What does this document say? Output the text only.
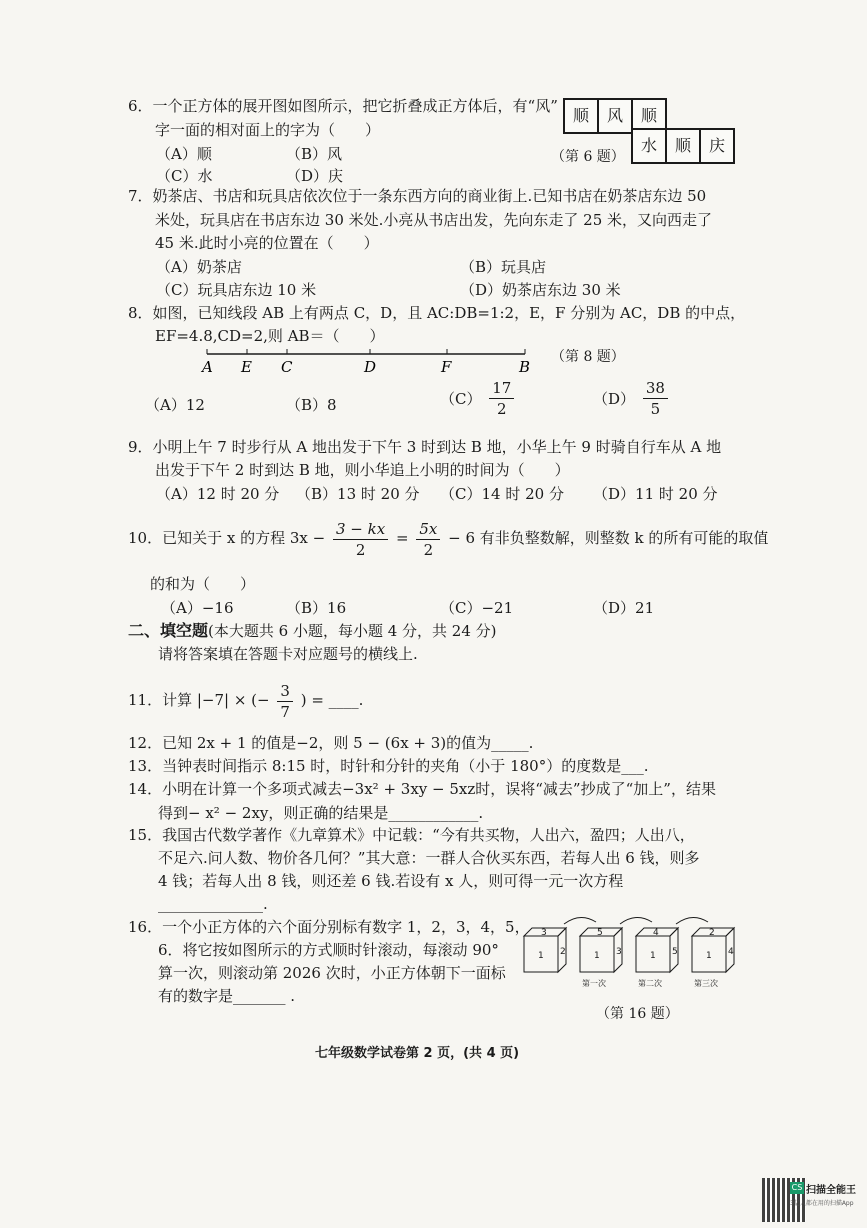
6．一个正方体的展开图如图所示，把它折叠成正方体后，有“风”
字一面的相对面上的字为（　　）
（A）顺	（B）风
（C）水	（D）庆
顺	风	顺
水	顺	庆
（第 6 题）
7．奶茶店、书店和玩具店依次位于一条东西方向的商业街上.已知书店在奶茶店东边 50
米处，玩具店在书店东边 30 米处.小亮从书店出发，先向东走了 25 米，又向西走了
45 米.此时小亮的位置在（　　）
（A）奶茶店	（B）玩具店
（C）玩具店东边 10 米	（D）奶茶店东边 30 米
8．如图，已知线段 AB 上有两点 C，D，且 AC:DB=1:2，E，F 分别为 AC，DB 的中点，
EF=4.8,CD=2,则 AB＝（　　）
A E C	D	F	B
（第 8 题）
（A）12	（B）8	$(C) \frac{17}{2}$	$(D) \frac{38}{5}$
9．小明上午 7 时步行从 A 地出发于下午 3 时到达 B 地，小华上午 9 时骑自行车从 A 地
出发于下午 2 时到达 B 地，则小华追上小明的时间为（　　）
（A）12 时 20 分 （B）13 时 20 分 （C）14 时 20 分 （D）11 时 20 分
10．已知关于 x 的方程 $3x - \frac{3 - kx}{2} = \frac{5x}{2} - 6$ 有非负整数解，则整数 k 的所有可能的取值
的和为（　　）
（A）−16	（B）16	（C）−21	（D）21
二、填空题(本大题共 6 小题，每小题 4 分，共 24 分)
请将答案填在答题卡对应题号的横线上.
11．计算 |−7| × (− $\frac{3}{7}$ ) = ____.
12．已知 2x + 1 的值是−2，则 5 − (6x + 3)的值为_____.
13．当钟表时间指示 8:15 时，时针和分针的夹角（小于 180°）的度数是___.
14．小明在计算一个多项式减去−3x² + 3xy − 5xz时，误将“减去”抄成了“加上”，结果
得到− x² − 2xy，则正确的结果是____________.
15．我国古代数学著作《九章算术》中记载：“今有共买物，人出六，盈四；人出八，
不足六.问人数、物价各几何？”其大意：一群人合伙买东西，若每人出 6 钱，则多
4 钱；若每人出 8 钱，则还差 6 钱.若设有 x 人，则可得一元一次方程
______________.
16．一个小正方体的六个面分别标有数字 1，2，3，4，5，
6．将它按如图所示的方式顺时针滚动，每滚动 90°
算一次，则滚动第 2026 次时，小正方体朝下一面标
有的数字是_______ .
3
1 2
5
1 3
第一次
4
1 5
第二次
2
1 4
第三次
（第 16 题）
七年级数学试卷第 2 页，(共 4 页)
CS 扫描全能王
3亿人都在用的扫描App
